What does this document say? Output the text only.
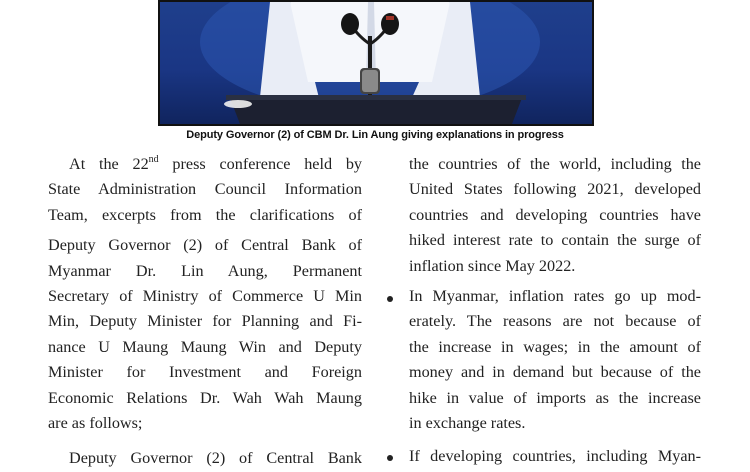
Deputy Governor (2) of CBM Dr. Lin Aung giving explanations in progress
At the 22nd press conference held by
State Administration Council Information
Team, excerpts from the clarifications of
Deputy Governor (2) of Central Bank of
Myanmar Dr. Lin Aung, Permanent
Secretary of Ministry of Commerce U Min
Min, Deputy Minister for Planning and Fi-
nance U Maung Maung Win and Deputy
Minister for Investment and Foreign
Economic Relations Dr. Wah Wah Maung
are as follows;
Deputy Governor (2) of Central Bank
the countries of the world, including the
United States following 2021, developed
countries and developing countries have
hiked interest rate to contain the surge of
inflation since May 2022.
In Myanmar, inflation rates go up mod-
erately. The reasons are not because of
the increase in wages; in the amount of
money and in demand but because of the
hike in value of imports as the increase
in exchange rates.
If developing countries, including Myan-
